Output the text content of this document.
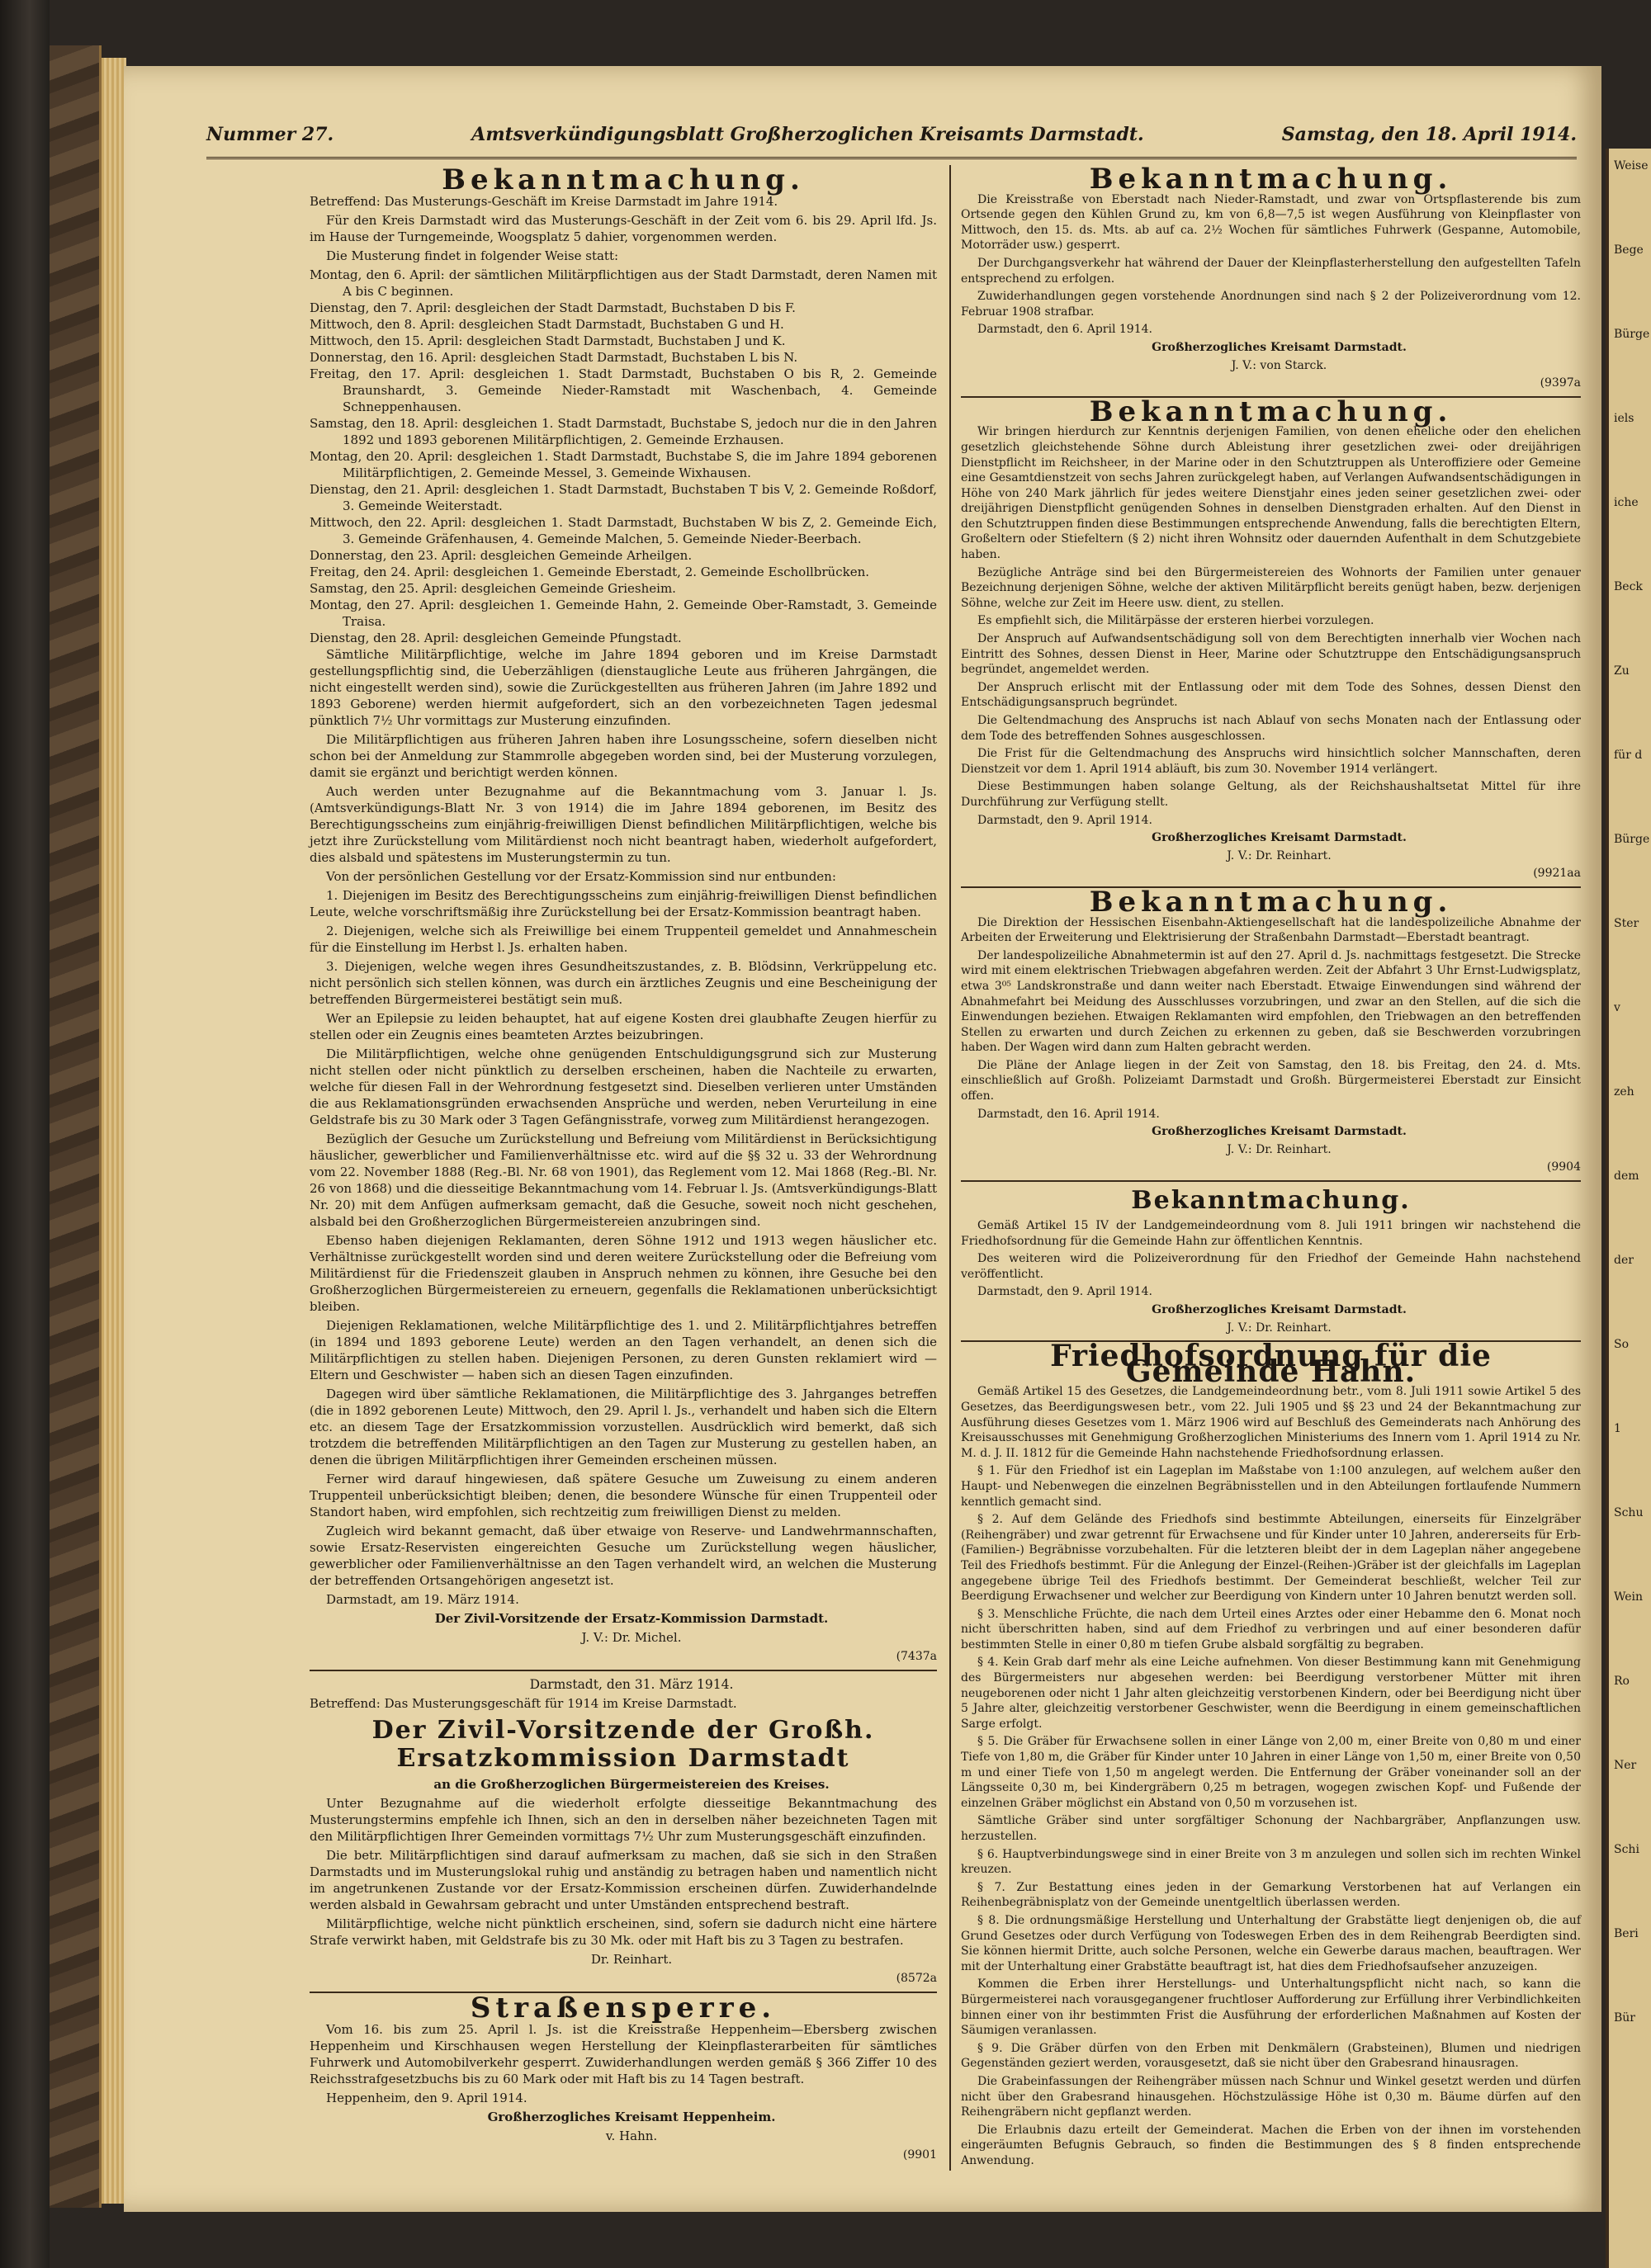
Weise
Bege
Bürge
iels
iche
Beck
Zu
für d
Bürge
Ster
v
zeh
dem
der
So
1
Schu
Wein
Ro
Ner
Schi
Beri
Bür
Nummer 27.	Amtsverkündigungsblatt Großherzoglichen Kreisamts Darmstadt.	Samstag, den 18. April 1914.

Bekanntmachung.

Betreffend: Das Musterungs-Geschäft im Kreise Darmstadt im Jahre 1914.

Für den Kreis Darmstadt wird das Musterungs-Geschäft in der Zeit vom 6. bis 29. April lfd. Js. im Hause der Turngemeinde, Woogsplatz 5 dahier, vorgenommen werden.

Die Musterung findet in folgender Weise statt:

Montag, den 6. April: der sämtlichen Militärpflichtigen aus der Stadt Darmstadt, deren Namen mit A bis C beginnen.

Dienstag, den 7. April: desgleichen der Stadt Darmstadt, Buchstaben D bis F.

Mittwoch, den 8. April: desgleichen Stadt Darmstadt, Buchstaben G und H.

Mittwoch, den 15. April: desgleichen Stadt Darmstadt, Buchstaben J und K.

Donnerstag, den 16. April: desgleichen Stadt Darmstadt, Buchstaben L bis N.

Freitag, den 17. April: desgleichen 1. Stadt Darmstadt, Buchstaben O bis R, 2. Gemeinde Braunshardt, 3. Gemeinde Nieder-Ramstadt mit Waschenbach, 4. Gemeinde Schneppenhausen.

Samstag, den 18. April: desgleichen 1. Stadt Darmstadt, Buchstabe S, jedoch nur die in den Jahren 1892 und 1893 geborenen Militärpflichtigen, 2. Gemeinde Erzhausen.

Montag, den 20. April: desgleichen 1. Stadt Darmstadt, Buchstabe S, die im Jahre 1894 geborenen Militärpflichtigen, 2. Gemeinde Messel, 3. Gemeinde Wixhausen.

Dienstag, den 21. April: desgleichen 1. Stadt Darmstadt, Buchstaben T bis V, 2. Gemeinde Roßdorf, 3. Gemeinde Weiterstadt.

Mittwoch, den 22. April: desgleichen 1. Stadt Darmstadt, Buchstaben W bis Z, 2. Gemeinde Eich, 3. Gemeinde Gräfenhausen, 4. Gemeinde Malchen, 5. Gemeinde Nieder-Beerbach.

Donnerstag, den 23. April: desgleichen Gemeinde Arheilgen.

Freitag, den 24. April: desgleichen 1. Gemeinde Eberstadt, 2. Gemeinde Eschollbrücken.

Samstag, den 25. April: desgleichen Gemeinde Griesheim.

Montag, den 27. April: desgleichen 1. Gemeinde Hahn, 2. Gemeinde Ober-Ramstadt, 3. Gemeinde Traisa.

Dienstag, den 28. April: desgleichen Gemeinde Pfungstadt.

Sämtliche Militärpflichtige, welche im Jahre 1894 geboren und im Kreise Darmstadt gestellungspflichtig sind, die Ueberzähligen (dienstaugliche Leute aus früheren Jahrgängen, die nicht eingestellt werden sind), sowie die Zurückgestellten aus früheren Jahren (im Jahre 1892 und 1893 Geborene) werden hiermit aufgefordert, sich an den vorbezeichneten Tagen jedesmal pünktlich 7½ Uhr vormittags zur Musterung einzufinden.

Die Militärpflichtigen aus früheren Jahren haben ihre Losungsscheine, sofern dieselben nicht schon bei der Anmeldung zur Stammrolle abgegeben worden sind, bei der Musterung vorzulegen, damit sie ergänzt und berichtigt werden können.

Auch werden unter Bezugnahme auf die Bekanntmachung vom 3. Januar l. Js. (Amtsverkündigungs-Blatt Nr. 3 von 1914) die im Jahre 1894 geborenen, im Besitz des Berechtigungsscheins zum einjährig-freiwilligen Dienst befindlichen Militärpflichtigen, welche bis jetzt ihre Zurückstellung vom Militärdienst noch nicht beantragt haben, wiederholt aufgefordert, dies alsbald und spätestens im Musterungstermin zu tun.

Von der persönlichen Gestellung vor der Ersatz-Kommission sind nur entbunden:

1. Diejenigen im Besitz des Berechtigungsscheins zum einjährig-freiwilligen Dienst befindlichen Leute, welche vorschriftsmäßig ihre Zurückstellung bei der Ersatz-Kommission beantragt haben.

2. Diejenigen, welche sich als Freiwillige bei einem Truppenteil gemeldet und Annahmeschein für die Einstellung im Herbst l. Js. erhalten haben.

3. Diejenigen, welche wegen ihres Gesundheitszustandes, z. B. Blödsinn, Verkrüppelung etc. nicht persönlich sich stellen können, was durch ein ärztliches Zeugnis und eine Bescheinigung der betreffenden Bürgermeisterei bestätigt sein muß.

Wer an Epilepsie zu leiden behauptet, hat auf eigene Kosten drei glaubhafte Zeugen hierfür zu stellen oder ein Zeugnis eines beamteten Arztes beizubringen.

Die Militärpflichtigen, welche ohne genügenden Entschuldigungsgrund sich zur Musterung nicht stellen oder nicht pünktlich zu derselben erscheinen, haben die Nachteile zu erwarten, welche für diesen Fall in der Wehrordnung festgesetzt sind. Dieselben verlieren unter Umständen die aus Reklamationsgründen erwachsenden Ansprüche und werden, neben Verurteilung in eine Geldstrafe bis zu 30 Mark oder 3 Tagen Gefängnisstrafe, vorweg zum Militärdienst herangezogen.

Bezüglich der Gesuche um Zurückstellung und Befreiung vom Militärdienst in Berücksichtigung häuslicher, gewerblicher und Familienverhältnisse etc. wird auf die §§ 32 u. 33 der Wehrordnung vom 22. November 1888 (Reg.-Bl. Nr. 68 von 1901), das Reglement vom 12. Mai 1868 (Reg.-Bl. Nr. 26 von 1868) und die diesseitige Bekanntmachung vom 14. Februar l. Js. (Amtsverkündigungs-Blatt Nr. 20) mit dem Anfügen aufmerksam gemacht, daß die Gesuche, soweit noch nicht geschehen, alsbald bei den Großherzoglichen Bürgermeistereien anzubringen sind.

Ebenso haben diejenigen Reklamanten, deren Söhne 1912 und 1913 wegen häuslicher etc. Verhältnisse zurückgestellt worden sind und deren weitere Zurückstellung oder die Befreiung vom Militärdienst für die Friedenszeit glauben in Anspruch nehmen zu können, ihre Gesuche bei den Großherzoglichen Bürgermeistereien zu erneuern, gegenfalls die Reklamationen unberücksichtigt bleiben.

Diejenigen Reklamationen, welche Militärpflichtige des 1. und 2. Militärpflichtjahres betreffen (in 1894 und 1893 geborene Leute) werden an den Tagen verhandelt, an denen sich die Militärpflichtigen zu stellen haben. Diejenigen Personen, zu deren Gunsten reklamiert wird — Eltern und Geschwister — haben sich an diesen Tagen einzufinden.

Dagegen wird über sämtliche Reklamationen, die Militärpflichtige des 3. Jahrganges betreffen (die in 1892 geborenen Leute) Mittwoch, den 29. April l. Js., verhandelt und haben sich die Eltern etc. an diesem Tage der Ersatzkommission vorzustellen. Ausdrücklich wird bemerkt, daß sich trotzdem die betreffenden Militärpflichtigen an den Tagen zur Musterung zu gestellen haben, an denen die übrigen Militärpflichtigen ihrer Gemeinden erscheinen müssen.

Ferner wird darauf hingewiesen, daß spätere Gesuche um Zuweisung zu einem anderen Truppenteil unberücksichtigt bleiben; denen, die besondere Wünsche für einen Truppenteil oder Standort haben, wird empfohlen, sich rechtzeitig zum freiwilligen Dienst zu melden.

Zugleich wird bekannt gemacht, daß über etwaige von Reserve- und Landwehrmannschaften, sowie Ersatz-Reservisten eingereichten Gesuche um Zurückstellung wegen häuslicher, gewerblicher oder Familienverhältnisse an den Tagen verhandelt wird, an welchen die Musterung der betreffenden Ortsangehörigen angesetzt ist.

Darmstadt, am 19. März 1914.

Der Zivil-Vorsitzende der Ersatz-Kommission Darmstadt.

J. V.: Dr. Michel.

(7437a

Darmstadt, den 31. März 1914.

Betreffend: Das Musterungsgeschäft für 1914 im Kreise Darmstadt.

Der Zivil-Vorsitzende der Großh. Ersatzkommission Darmstadt

an die Großherzoglichen Bürgermeistereien des Kreises.

Unter Bezugnahme auf die wiederholt erfolgte diesseitige Bekanntmachung des Musterungstermins empfehle ich Ihnen, sich an den in derselben näher bezeichneten Tagen mit den Militärpflichtigen Ihrer Gemeinden vormittags 7½ Uhr zum Musterungsgeschäft einzufinden.

Die betr. Militärpflichtigen sind darauf aufmerksam zu machen, daß sie sich in den Straßen Darmstadts und im Musterungslokal ruhig und anständig zu betragen haben und namentlich nicht im angetrunkenen Zustande vor der Ersatz-Kommission erscheinen dürfen. Zuwiderhandelnde werden alsbald in Gewahrsam gebracht und unter Umständen entsprechend bestraft.

Militärpflichtige, welche nicht pünktlich erscheinen, sind, sofern sie dadurch nicht eine härtere Strafe verwirkt haben, mit Geldstrafe bis zu 30 Mk. oder mit Haft bis zu 3 Tagen zu bestrafen.

Dr. Reinhart.

(8572a

Straßensperre.

Vom 16. bis zum 25. April l. Js. ist die Kreisstraße Heppenheim—Ebersberg zwischen Heppenheim und Kirschhausen wegen Herstellung der Kleinpflasterarbeiten für sämtliches Fuhrwerk und Automobilverkehr gesperrt. Zuwiderhandlungen werden gemäß § 366 Ziffer 10 des Reichsstrafgesetzbuchs bis zu 60 Mark oder mit Haft bis zu 14 Tagen bestraft.

Heppenheim, den 9. April 1914.

Großherzogliches Kreisamt Heppenheim.

v. Hahn.

(9901

Bekanntmachung.

Die Kreisstraße von Eberstadt nach Nieder-Ramstadt, und zwar von Ortspflasterende bis zum Ortsende gegen den Kühlen Grund zu, km von 6,8—7,5 ist wegen Ausführung von Kleinpflaster von Mittwoch, den 15. ds. Mts. ab auf ca. 2½ Wochen für sämtliches Fuhrwerk (Gespanne, Automobile, Motorräder usw.) gesperrt.

Der Durchgangsverkehr hat während der Dauer der Kleinpflasterherstellung den aufgestellten Tafeln entsprechend zu erfolgen.

Zuwiderhandlungen gegen vorstehende Anordnungen sind nach § 2 der Polizeiverordnung vom 12. Februar 1908 strafbar.

Darmstadt, den 6. April 1914.

Großherzogliches Kreisamt Darmstadt.

J. V.: von Starck.

(9397a

Bekanntmachung.

Wir bringen hierdurch zur Kenntnis derjenigen Familien, von denen eheliche oder den ehelichen gesetzlich gleichstehende Söhne durch Ableistung ihrer gesetzlichen zwei- oder dreijährigen Dienstpflicht im Reichsheer, in der Marine oder in den Schutztruppen als Unteroffiziere oder Gemeine eine Gesamtdienstzeit von sechs Jahren zurückgelegt haben, auf Verlangen Aufwandsentschädigungen in Höhe von 240 Mark jährlich für jedes weitere Dienstjahr eines jeden seiner gesetzlichen zwei- oder dreijährigen Dienstpflicht genügenden Sohnes in denselben Dienstgraden erhalten. Auf den Dienst in den Schutztruppen finden diese Bestimmungen entsprechende Anwendung, falls die berechtigten Eltern, Großeltern oder Stiefeltern (§ 2) nicht ihren Wohnsitz oder dauernden Aufenthalt in dem Schutzgebiete haben.

Bezügliche Anträge sind bei den Bürgermeistereien des Wohnorts der Familien unter genauer Bezeichnung derjenigen Söhne, welche der aktiven Militärpflicht bereits genügt haben, bezw. derjenigen Söhne, welche zur Zeit im Heere usw. dient, zu stellen.

Es empfiehlt sich, die Militärpässe der ersteren hierbei vorzulegen.

Der Anspruch auf Aufwandsentschädigung soll von dem Berechtigten innerhalb vier Wochen nach Eintritt des Sohnes, dessen Dienst in Heer, Marine oder Schutztruppe den Entschädigungsanspruch begründet, angemeldet werden.

Der Anspruch erlischt mit der Entlassung oder mit dem Tode des Sohnes, dessen Dienst den Entschädigungsanspruch begründet.

Die Geltendmachung des Anspruchs ist nach Ablauf von sechs Monaten nach der Entlassung oder dem Tode des betreffenden Sohnes ausgeschlossen.

Die Frist für die Geltendmachung des Anspruchs wird hinsichtlich solcher Mannschaften, deren Dienstzeit vor dem 1. April 1914 abläuft, bis zum 30. November 1914 verlängert.

Diese Bestimmungen haben solange Geltung, als der Reichshaushaltsetat Mittel für ihre Durchführung zur Verfügung stellt.

Darmstadt, den 9. April 1914.

Großherzogliches Kreisamt Darmstadt.

J. V.: Dr. Reinhart.

(9921aa

Bekanntmachung.

Die Direktion der Hessischen Eisenbahn-Aktiengesellschaft hat die landespolizeiliche Abnahme der Arbeiten der Erweiterung und Elektrisierung der Straßenbahn Darmstadt—Eberstadt beantragt.

Der landespolizeiliche Abnahmetermin ist auf den 27. April d. Js. nachmittags festgesetzt. Die Strecke wird mit einem elektrischen Triebwagen abgefahren werden. Zeit der Abfahrt 3 Uhr Ernst-Ludwigsplatz, etwa 3⁰⁵ Landskronstraße und dann weiter nach Eberstadt. Etwaige Einwendungen sind während der Abnahmefahrt bei Meidung des Ausschlusses vorzubringen, und zwar an den Stellen, auf die sich die Einwendungen beziehen. Etwaigen Reklamanten wird empfohlen, den Triebwagen an den betreffenden Stellen zu erwarten und durch Zeichen zu erkennen zu geben, daß sie Beschwerden vorzubringen haben. Der Wagen wird dann zum Halten gebracht werden.

Die Pläne der Anlage liegen in der Zeit von Samstag, den 18. bis Freitag, den 24. d. Mts. einschließlich auf Großh. Polizeiamt Darmstadt und Großh. Bürgermeisterei Eberstadt zur Einsicht offen.

Darmstadt, den 16. April 1914.

Großherzogliches Kreisamt Darmstadt.

J. V.: Dr. Reinhart.

(9904

Bekanntmachung.

Gemäß Artikel 15 IV der Landgemeindeordnung vom 8. Juli 1911 bringen wir nachstehend die Friedhofsordnung für die Gemeinde Hahn zur öffentlichen Kenntnis.

Des weiteren wird die Polizeiverordnung für den Friedhof der Gemeinde Hahn nachstehend veröffentlicht.

Darmstadt, den 9. April 1914.

Großherzogliches Kreisamt Darmstadt.

J. V.: Dr. Reinhart.

Friedhofsordnung für die Gemeinde Hahn.

Gemäß Artikel 15 des Gesetzes, die Landgemeindeordnung betr., vom 8. Juli 1911 sowie Artikel 5 des Gesetzes, das Beerdigungswesen betr., vom 22. Juli 1905 und §§ 23 und 24 der Bekanntmachung zur Ausführung dieses Gesetzes vom 1. März 1906 wird auf Beschluß des Gemeinderats nach Anhörung des Kreisausschusses mit Genehmigung Großherzoglichen Ministeriums des Innern vom 1. April 1914 zu Nr. M. d. J. II. 1812 für die Gemeinde Hahn nachstehende Friedhofsordnung erlassen.

§ 1. Für den Friedhof ist ein Lageplan im Maßstabe von 1:100 anzulegen, auf welchem außer den Haupt- und Nebenwegen die einzelnen Begräbnisstellen und in den Abteilungen fortlaufende Nummern kenntlich gemacht sind.

§ 2. Auf dem Gelände des Friedhofs sind bestimmte Abteilungen, einerseits für Einzelgräber (Reihengräber) und zwar getrennt für Erwachsene und für Kinder unter 10 Jahren, andererseits für Erb- (Familien-) Begräbnisse vorzubehalten. Für die letzteren bleibt der in dem Lageplan näher angegebene Teil des Friedhofs bestimmt. Für die Anlegung der Einzel-(Reihen-)Gräber ist der gleichfalls im Lageplan angegebene übrige Teil des Friedhofs bestimmt. Der Gemeinderat beschließt, welcher Teil zur Beerdigung Erwachsener und welcher zur Beerdigung von Kindern unter 10 Jahren benutzt werden soll.

§ 3. Menschliche Früchte, die nach dem Urteil eines Arztes oder einer Hebamme den 6. Monat noch nicht überschritten haben, sind auf dem Friedhof zu verbringen und auf einer besonderen dafür bestimmten Stelle in einer 0,80 m tiefen Grube alsbald sorgfältig zu begraben.

§ 4. Kein Grab darf mehr als eine Leiche aufnehmen. Von dieser Bestimmung kann mit Genehmigung des Bürgermeisters nur abgesehen werden: bei Beerdigung verstorbener Mütter mit ihren neugeborenen oder nicht 1 Jahr alten gleichzeitig verstorbenen Kindern, oder bei Beerdigung nicht über 5 Jahre alter, gleichzeitig verstorbener Geschwister, wenn die Beerdigung in einem gemeinschaftlichen Sarge erfolgt.

§ 5. Die Gräber für Erwachsene sollen in einer Länge von 2,00 m, einer Breite von 0,80 m und einer Tiefe von 1,80 m, die Gräber für Kinder unter 10 Jahren in einer Länge von 1,50 m, einer Breite von 0,50 m und einer Tiefe von 1,50 m angelegt werden. Die Entfernung der Gräber voneinander soll an der Längsseite 0,30 m, bei Kindergräbern 0,25 m betragen, wogegen zwischen Kopf- und Fußende der einzelnen Gräber möglichst ein Abstand von 0,50 m vorzusehen ist.

Sämtliche Gräber sind unter sorgfältiger Schonung der Nachbargräber, Anpflanzungen usw. herzustellen.

§ 6. Hauptverbindungswege sind in einer Breite von 3 m anzulegen und sollen sich im rechten Winkel kreuzen.

§ 7. Zur Bestattung eines jeden in der Gemarkung Verstorbenen hat auf Verlangen ein Reihenbegräbnisplatz von der Gemeinde unentgeltlich überlassen werden.

§ 8. Die ordnungsmäßige Herstellung und Unterhaltung der Grabstätte liegt denjenigen ob, die auf Grund Gesetzes oder durch Verfügung von Todeswegen Erben des in dem Reihengrab Beerdigten sind. Sie können hiermit Dritte, auch solche Personen, welche ein Gewerbe daraus machen, beauftragen. Wer mit der Unterhaltung einer Grabstätte beauftragt ist, hat dies dem Friedhofsaufseher anzuzeigen.

Kommen die Erben ihrer Herstellungs- und Unterhaltungspflicht nicht nach, so kann die Bürgermeisterei nach vorausgegangener fruchtloser Aufforderung zur Erfüllung ihrer Verbindlichkeiten binnen einer von ihr bestimmten Frist die Ausführung der erforderlichen Maßnahmen auf Kosten der Säumigen veranlassen.

§ 9. Die Gräber dürfen von den Erben mit Denkmälern (Grabsteinen), Blumen und niedrigen Gegenständen geziert werden, vorausgesetzt, daß sie nicht über den Grabesrand hinausragen.

Die Grabeinfassungen der Reihengräber müssen nach Schnur und Winkel gesetzt werden und dürfen nicht über den Grabesrand hinausgehen. Höchstzulässige Höhe ist 0,30 m. Bäume dürfen auf den Reihengräbern nicht gepflanzt werden.

Die Erlaubnis dazu erteilt der Gemeinderat. Machen die Erben von der ihnen im vorstehenden eingeräumten Befugnis Gebrauch, so finden die Bestimmungen des § 8 finden entsprechende Anwendung.
